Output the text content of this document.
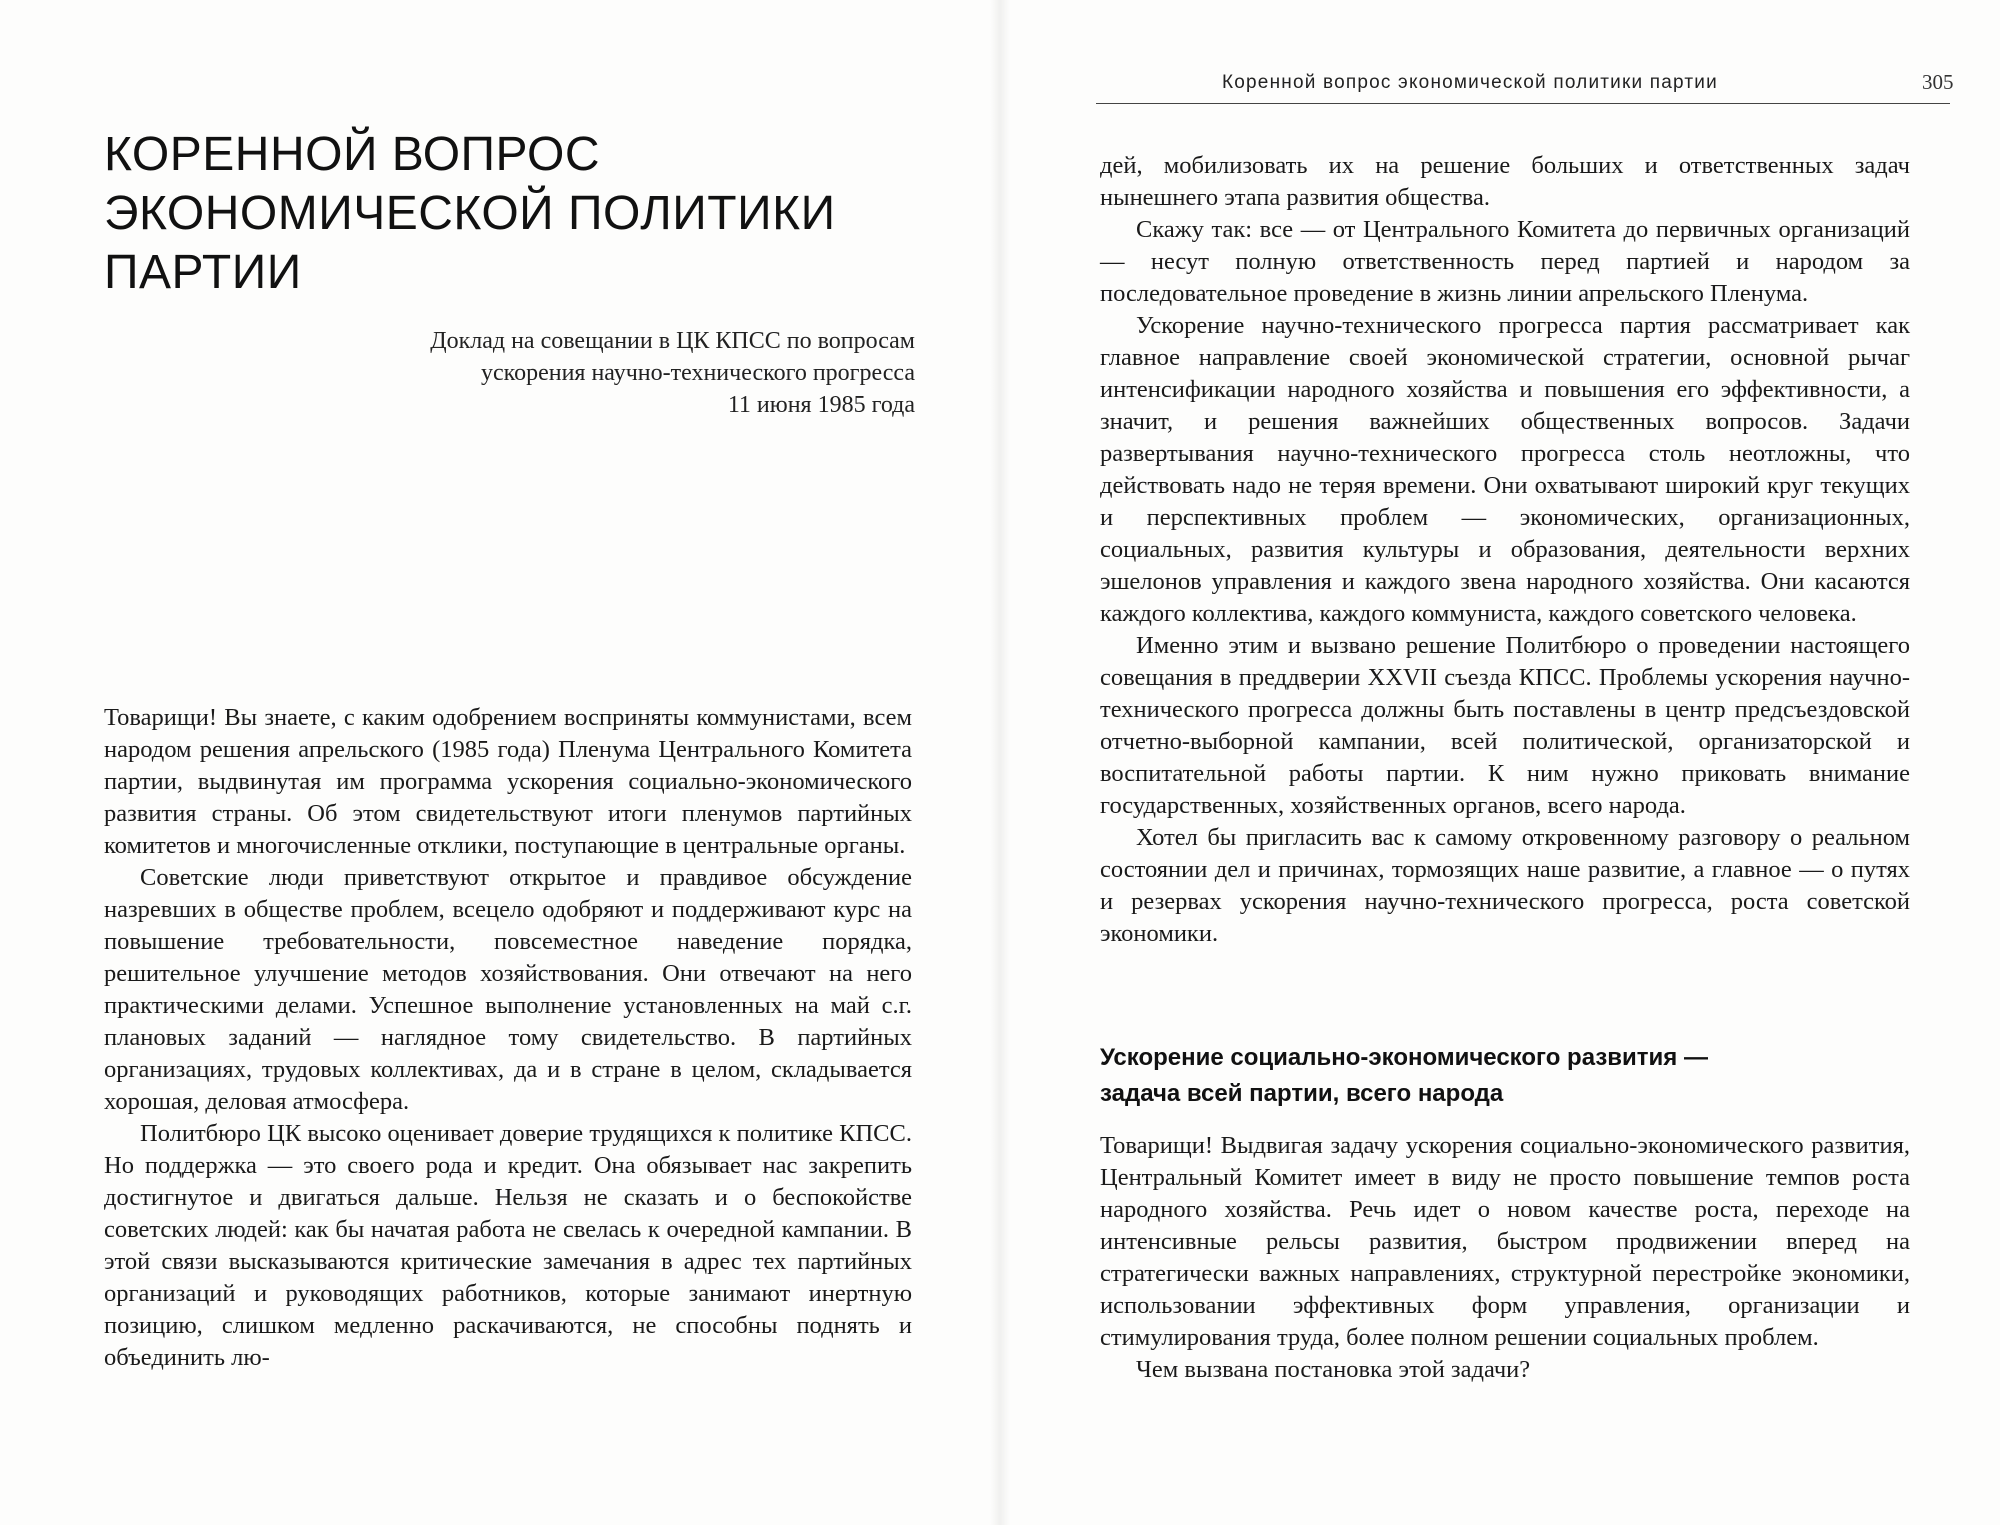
КОРЕННОЙ ВОПРОС ЭКОНОМИЧЕСКОЙ ПОЛИТИКИ ПАРТИИ
Доклад на совещании в ЦК КПСС по вопросам
ускорения научно-технического прогресса
11 июня 1985 года

Товарищи! Вы знаете, с каким одобрением восприняты коммунистами, всем народом решения апрельского (1985 года) Пленума Центрального Комитета партии, выдвинутая им программа ускорения социально-экономического развития страны. Об этом свидетельствуют итоги пленумов партийных комитетов и многочисленные отклики, поступающие в центральные органы.

Советские люди приветствуют открытое и правдивое обсуждение назревших в обществе проблем, всецело одобряют и поддерживают курс на повышение требовательности, повсеместное наведение порядка, решительное улучшение методов хозяйствования. Они отвечают на него практическими делами. Успешное выполнение установленных на май с.г. плановых заданий — наглядное тому свидетельство. В партийных организациях, трудовых коллективах, да и в стране в целом, складывается хорошая, деловая атмосфера.

Политбюро ЦК высоко оценивает доверие трудящихся к политике КПСС. Но поддержка — это своего рода и кредит. Она обязывает нас закрепить достигнутое и двигаться дальше. Нельзя не сказать и о беспокойстве советских людей: как бы начатая работа не свелась к очередной кампании. В этой связи высказываются критические замечания в адрес тех партийных организаций и руководящих работников, которые занимают инертную позицию, слишком медленно раскачиваются, не способны поднять и объединить лю-

Коренной вопрос экономической политики партии	305

дей, мобилизовать их на решение больших и ответственных задач нынешнего этапа развития общества.

Скажу так: все — от Центрального Комитета до первичных организаций — несут полную ответственность перед партией и народом за последовательное проведение в жизнь линии апрельского Пленума.

Ускорение научно-технического прогресса партия рассматривает как главное направление своей экономической стратегии, основной рычаг интенсификации народного хозяйства и повышения его эффективности, а значит, и решения важнейших общественных вопросов. Задачи развертывания научно-технического прогресса столь неотложны, что действовать надо не теряя времени. Они охватывают широкий круг текущих и перспективных проблем — экономических, организационных, социальных, развития культуры и образования, деятельности верхних эшелонов управления и каждого звена народного хозяйства. Они касаются каждого коллектива, каждого коммуниста, каждого советского человека.

Именно этим и вызвано решение Политбюро о проведении настоящего совещания в преддверии XXVII съезда КПСС. Проблемы ускорения научно-технического прогресса должны быть поставлены в центр предсъездовской отчетно-выборной кампании, всей политической, организаторской и воспитательной работы партии. К ним нужно приковать внимание государственных, хозяйственных органов, всего народа.

Хотел бы пригласить вас к самому откровенному разговору о реальном состоянии дел и причинах, тормозящих наше развитие, а главное — о путях и резервах ускорения научно-технического прогресса, роста советской экономики.

Ускорение социально-экономического развития —
задача всей партии, всего народа

Товарищи! Выдвигая задачу ускорения социально-экономического развития, Центральный Комитет имеет в виду не просто повышение темпов роста народного хозяйства. Речь идет о новом качестве роста, переходе на интенсивные рельсы развития, быстром продвижении вперед на стратегически важных направлениях, структурной перестройке экономики, использовании эффективных форм управления, организации и стимулирования труда, более полном решении социальных проблем.

Чем вызвана постановка этой задачи?
